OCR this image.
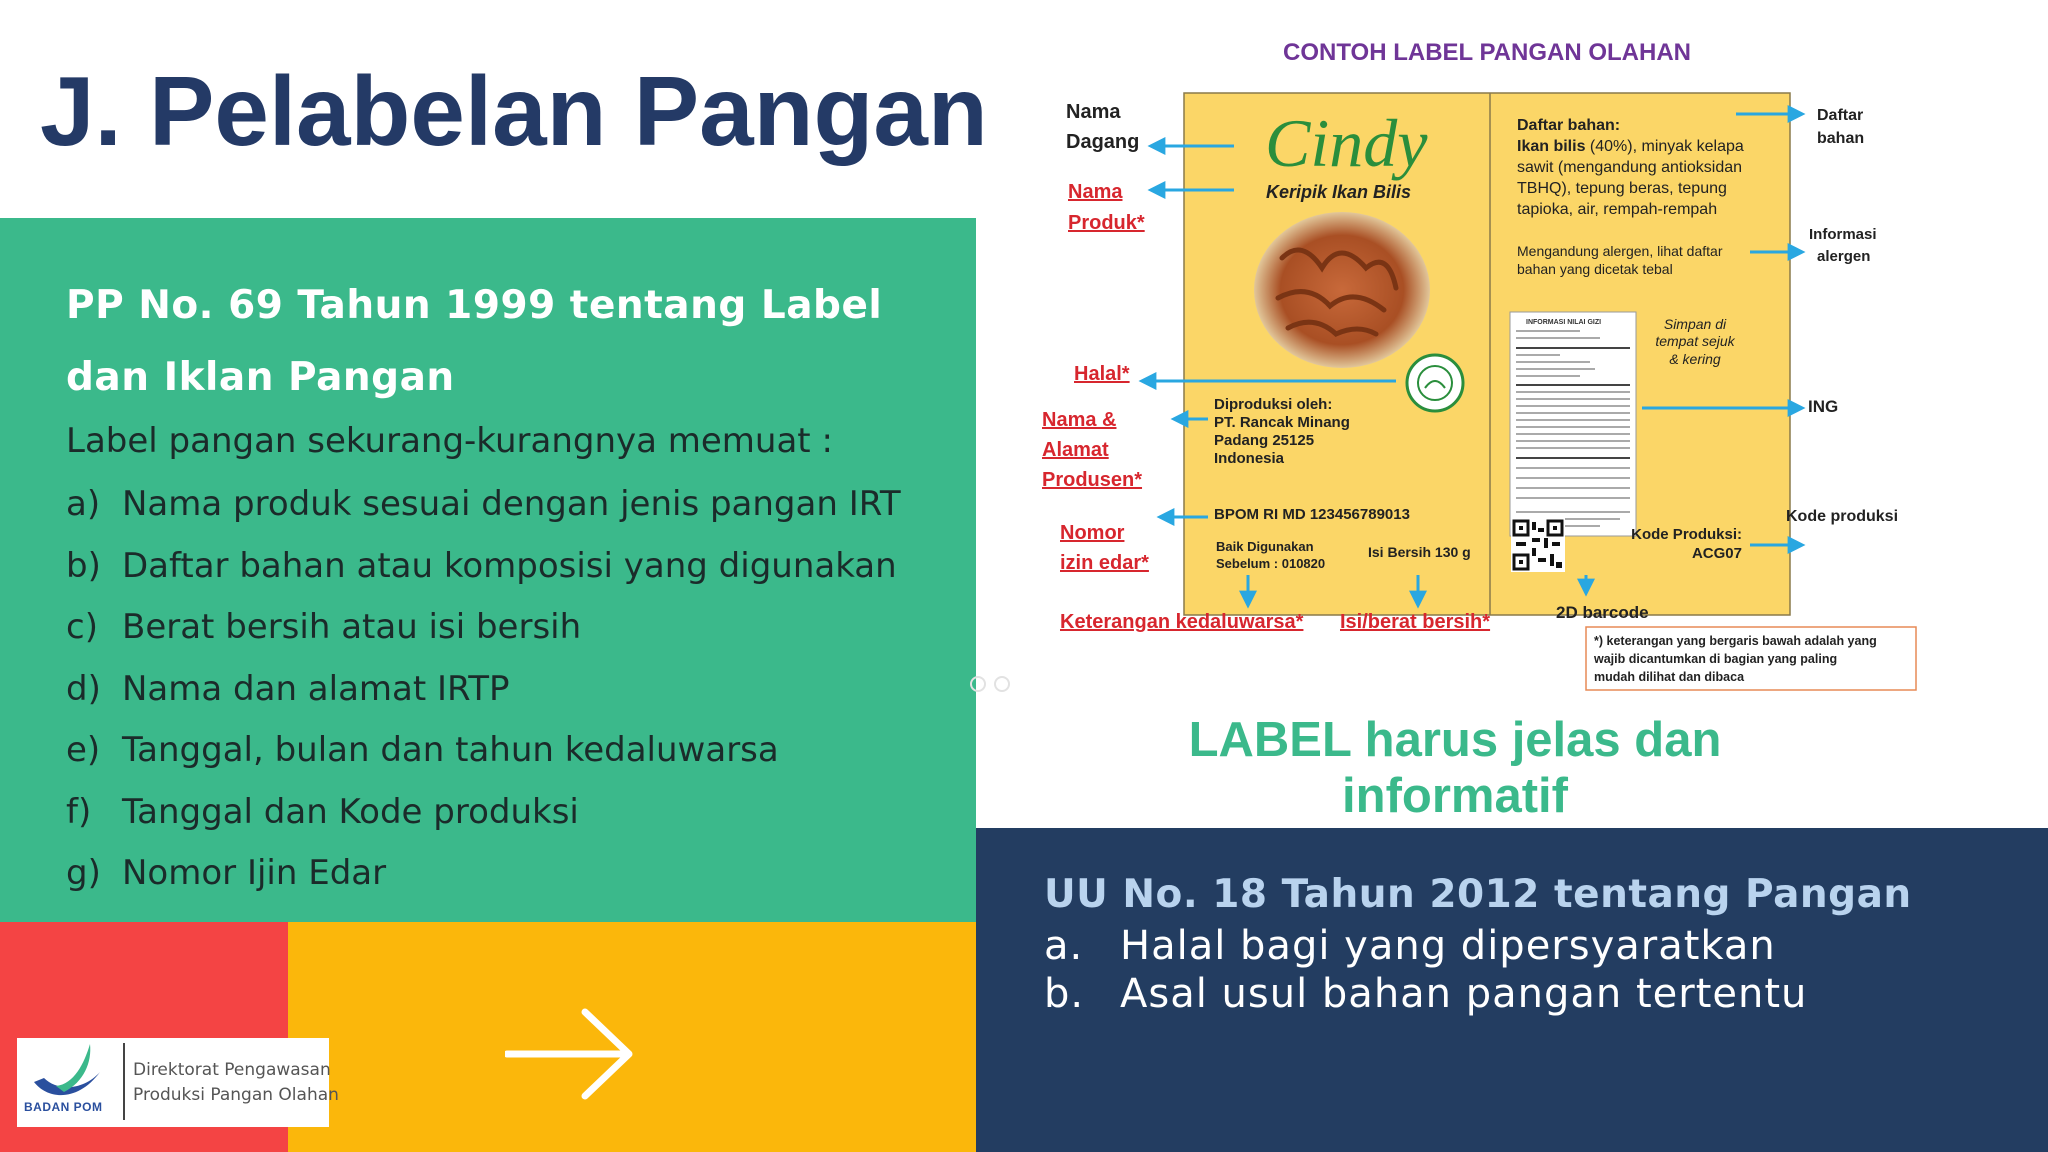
J. Pelabelan Pangan
PP No. 69 Tahun 1999 tentang Label dan Iklan Pangan
Label pangan sekurang-kurangnya memuat :
a) Nama produk sesuai dengan jenis pangan IRT
b) Daftar bahan atau komposisi yang digunakan
c) Berat bersih atau isi bersih
d) Nama dan alamat IRTP
e) Tanggal, bulan dan tahun kedaluwarsa
f) Tanggal dan Kode produksi
g) Nomor Ijin Edar
BADAN POM
Direktorat Pengawasan
Produksi Pangan Olahan
UU No. 18 Tahun 2012 tentang Pangan
a. Halal bagi yang dipersyaratkan
b. Asal usul bahan pangan tertentu
LABEL harus jelas dan
informatif
CONTOH LABEL PANGAN OLAHAN
Cindy
Keripik Ikan Bilis
Diproduksi oleh:
PT. Rancak Minang
Padang 25125
Indonesia
BPOM RI MD 123456789013
Baik Digunakan
Sebelum : 010820
Isi Bersih 130 g
Daftar bahan:
Ikan bilis (40%), minyak kelapa
sawit (mengandung antioksidan
TBHQ), tepung beras, tepung
tapioka, air, rempah-rempah
Mengandung alergen, lihat daftar
bahan yang dicetak tebal
INFORMASI NILAI GIZI	Simpan di
tempat sejuk
& kering
Kode Produksi:
ACG07
Nama
Dagang
Nama
Produk*
Halal*
Nama &
Alamat
Produsen*
Nomor
izin edar*
Keterangan kedaluwarsa* Isi/berat bersih*	2D barcode
Daftar
bahan
Informasi
alergen
ING
Kode produksi
*) keterangan yang bergaris bawah adalah yang
wajib dicantumkan di bagian yang paling
mudah dilihat dan dibaca
